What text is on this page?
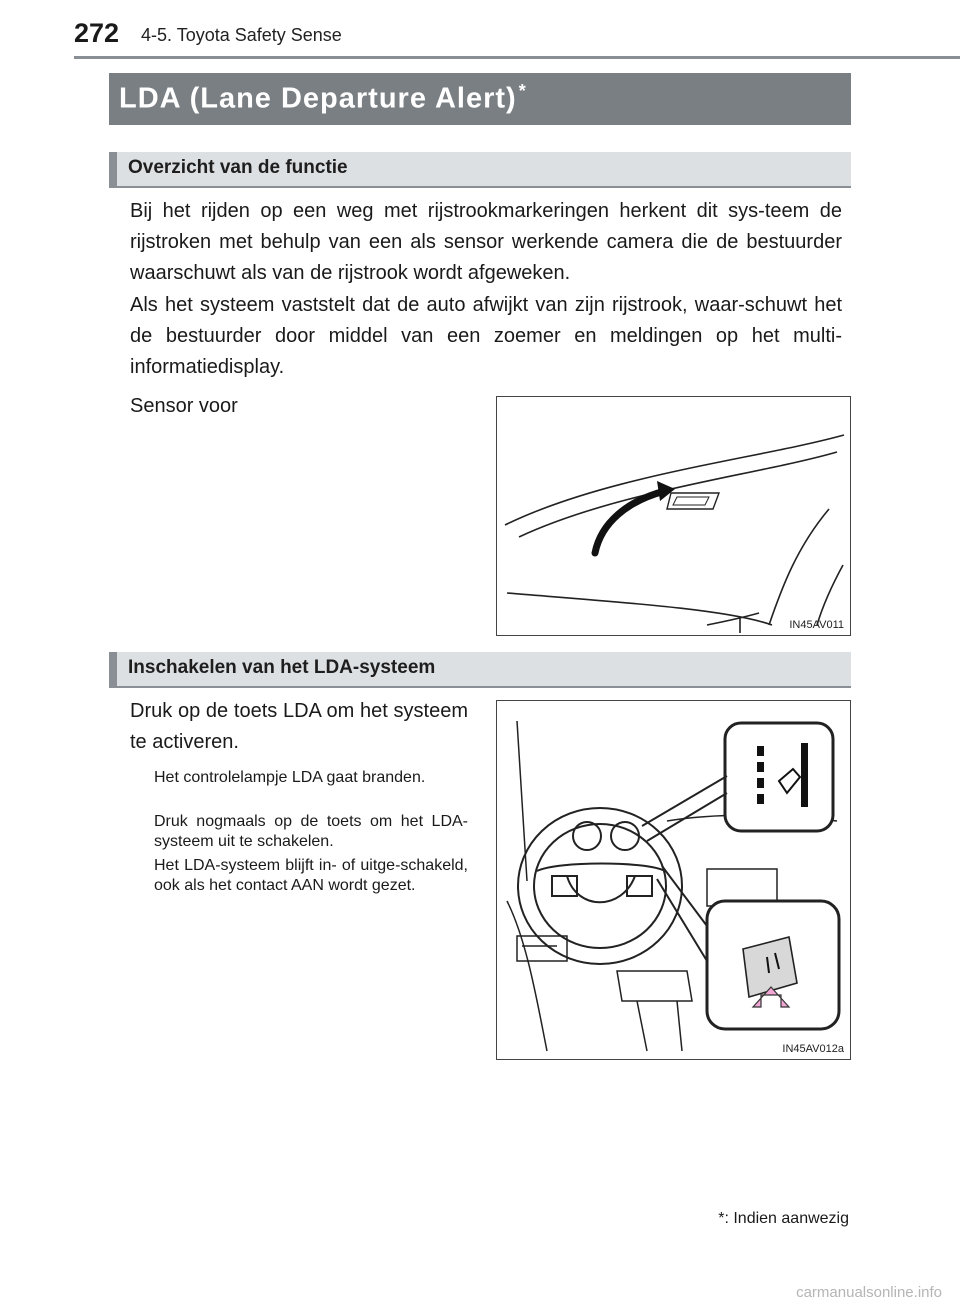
272 4-5. Toyota Safety Sense
LDA (Lane Departure Alert) *
Overzicht van de functie
Bij het rijden op een weg met rijstrookmarkeringen herkent dit sys-teem de rijstroken met behulp van een als sensor werkende camera die de bestuurder waarschuwt als van de rijstrook wordt afgeweken.
Als het systeem vaststelt dat de auto afwijkt van zijn rijstrook, waar-schuwt het de bestuurder door middel van een zoemer en meldingen op het multi-informatiedisplay.
Sensor voor
IN45AV011
Inschakelen van het LDA-systeem
Druk op de toets LDA om het systeem te activeren.
Het controlelampje LDA gaat branden.
Druk nogmaals op de toets om het LDA-systeem uit te schakelen.
Het LDA-systeem blijft in- of uitge-schakeld, ook als het contact AAN wordt gezet.
IN45AV012a
*: Indien aanwezig
carmanualsonline.info
